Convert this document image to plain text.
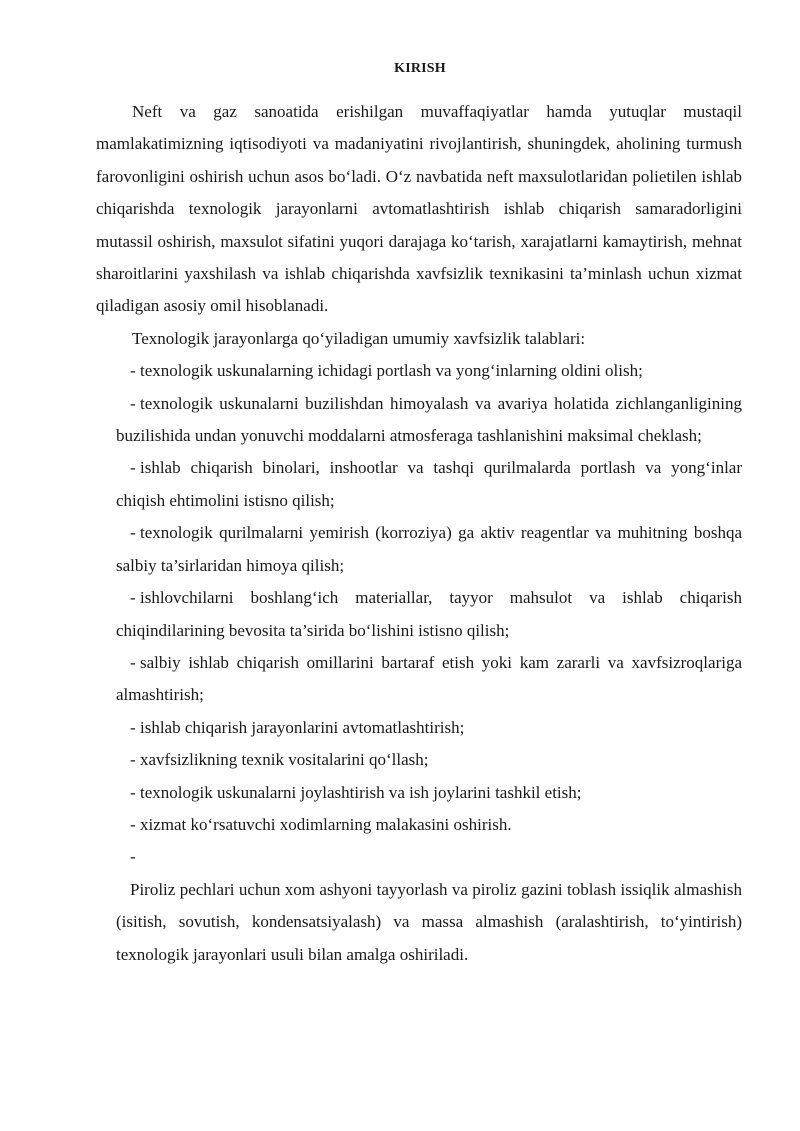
KIRISH

Neft va gaz sanoatida erishilgan muvaffaqiyatlar hamda yutuqlar mustaqil mamlakatimizning iqtisodiyoti va madaniyatini rivojlantirish, shuningdek, aholining turmush farovonligini oshirish uchun asos bo‘ladi. O‘z navbatida neft maxsulotlaridan polietilen ishlab chiqarishda texnologik jarayonlarni avtomatlashtirish ishlab chiqarish samaradorligini mutassil oshirish, maxsulot sifatini yuqori darajaga ko‘tarish, xarajatlarni kamaytirish, mehnat sharoitlarini yaxshilash va ishlab chiqarishda xavfsizlik texnikasini ta’minlash uchun xizmat qiladigan asosiy omil hisoblanadi.

Texnologik jarayonlarga qo‘yiladigan umumiy xavfsizlik talablari:

- texnologik uskunalarning ichidagi portlash va yong‘inlarning oldini olish;
- texnologik uskunalarni buzilishdan himoyalash va avariya holatida zichlanganligining buzilishida undan yonuvchi moddalarni atmosferaga tashlanishini maksimal cheklash;
- ishlab chiqarish binolari, inshootlar va tashqi qurilmalarda portlash va yong‘inlar chiqish ehtimolini istisno qilish;
- texnologik qurilmalarni yemirish (korroziya) ga aktiv reagentlar va muhitning boshqa salbiy ta’sirlaridan himoya qilish;
- ishlovchilarni boshlang‘ich materiallar, tayyor mahsulot va ishlab chiqarish chiqindilarining bevosita ta’sirida bo‘lishini istisno qilish;
- salbiy ishlab chiqarish omillarini bartaraf etish yoki kam zararli va xavfsizroqlariga almashtirish;
- ishlab chiqarish jarayonlarini avtomatlashtirish;
- xavfsizlikning texnik vositalarini qo‘llash;
- texnologik uskunalarni joylashtirish va ish joylarini tashkil etish;
- xizmat ko‘rsatuvchi xodimlarning malakasini oshirish.
-

Piroliz pechlari uchun xom ashyoni tayyorlash va piroliz gazini toblash issiqlik almashish (isitish, sovutish, kondensatsiyalash) va massa almashish (aralashtirish, to‘yintirish) texnologik jarayonlari usuli bilan amalga oshiriladi.
